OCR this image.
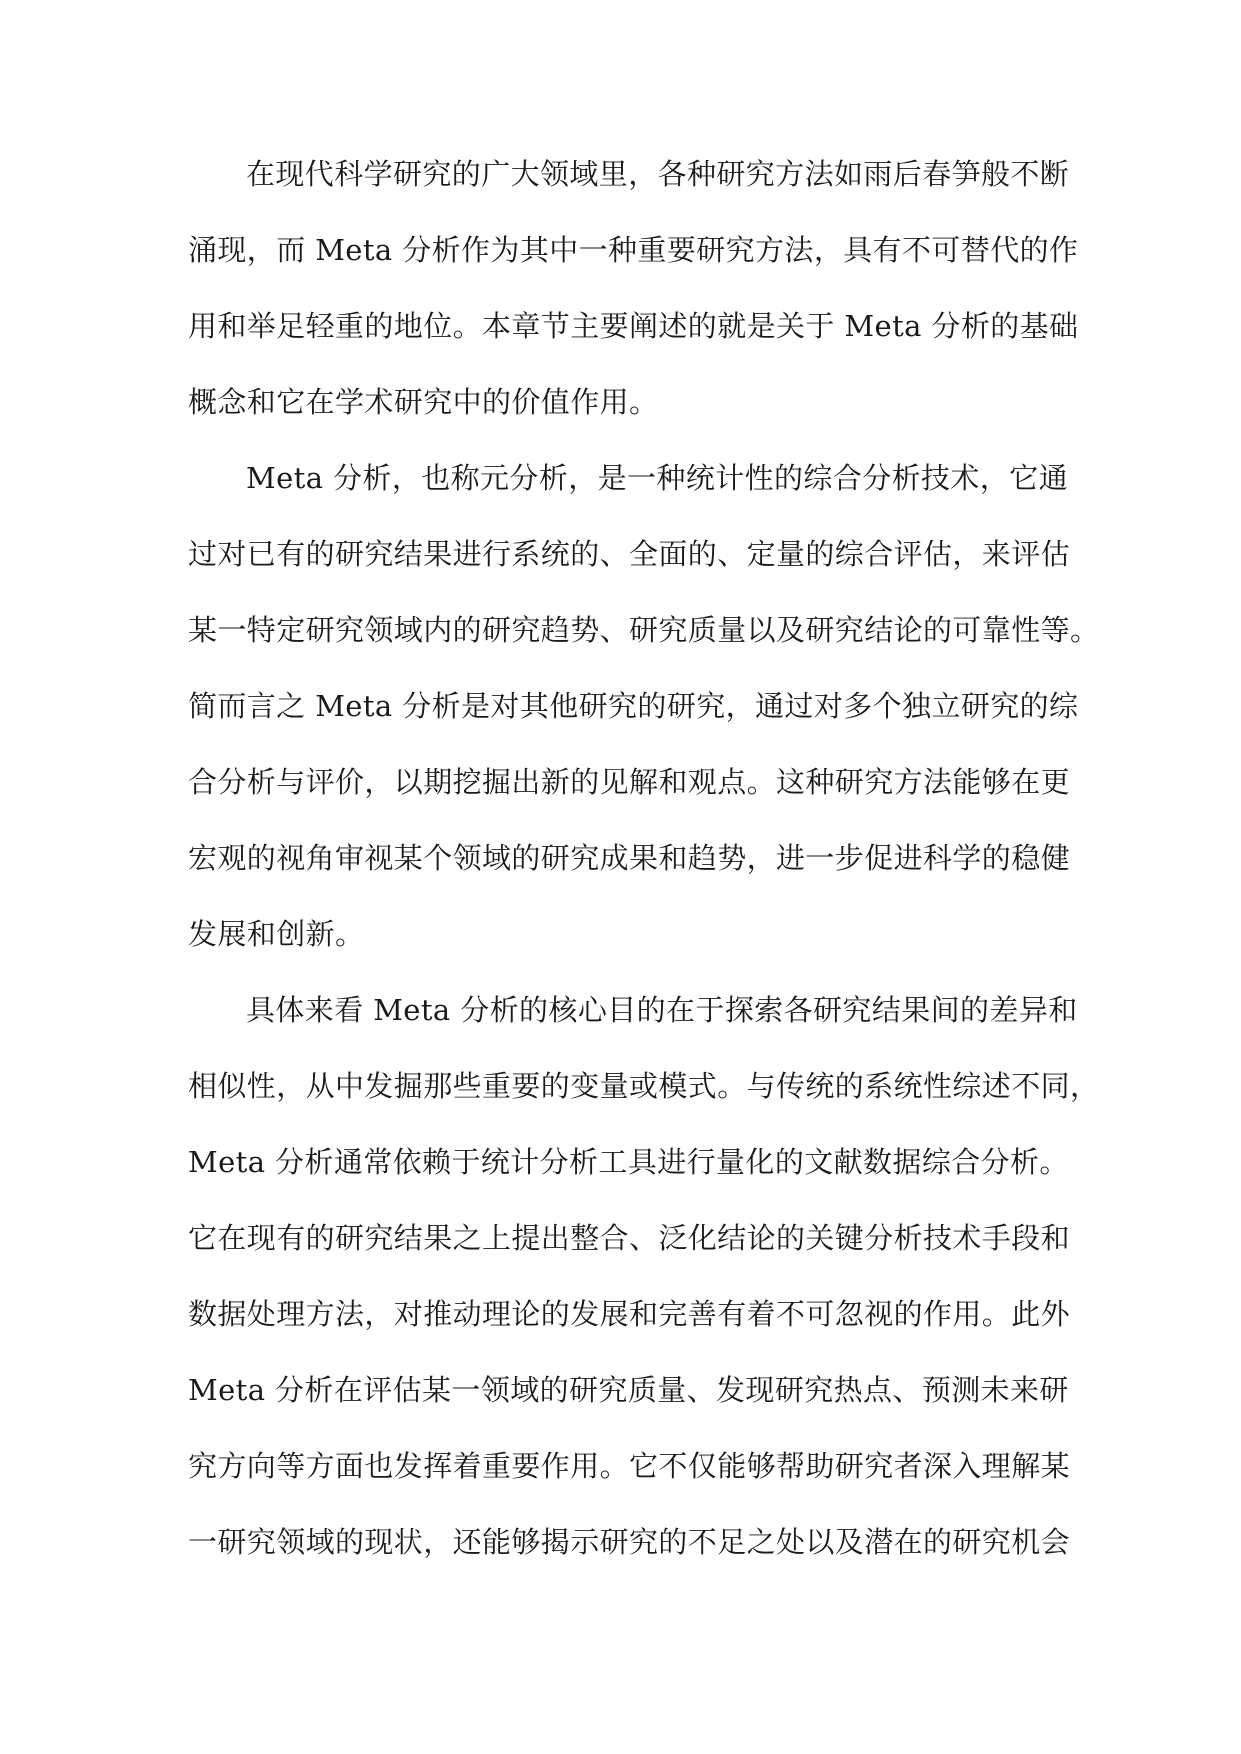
在现代科学研究的广大领域里，各种研究方法如雨后春笋般不断
涌现，而 Meta 分析作为其中一种重要研究方法，具有不可替代的作
用和举足轻重的地位。本章节主要阐述的就是关于 Meta 分析的基础
概念和它在学术研究中的价值作用。
Meta 分析，也称元分析，是一种统计性的综合分析技术，它通
过对已有的研究结果进行系统的、全面的、定量的综合评估，来评估
某一特定研究领域内的研究趋势、研究质量以及研究结论的可靠性等。
简而言之 Meta 分析是对其他研究的研究，通过对多个独立研究的综
合分析与评价，以期挖掘出新的见解和观点。这种研究方法能够在更
宏观的视角审视某个领域的研究成果和趋势，进一步促进科学的稳健
发展和创新。
具体来看 Meta 分析的核心目的在于探索各研究结果间的差异和
相似性，从中发掘那些重要的变量或模式。与传统的系统性综述不同，
Meta 分析通常依赖于统计分析工具进行量化的文献数据综合分析。
它在现有的研究结果之上提出整合、泛化结论的关键分析技术手段和
数据处理方法，对推动理论的发展和完善有着不可忽视的作用。此外
Meta 分析在评估某一领域的研究质量、发现研究热点、预测未来研
究方向等方面也发挥着重要作用。它不仅能够帮助研究者深入理解某
一研究领域的现状，还能够揭示研究的不足之处以及潜在的研究机会
